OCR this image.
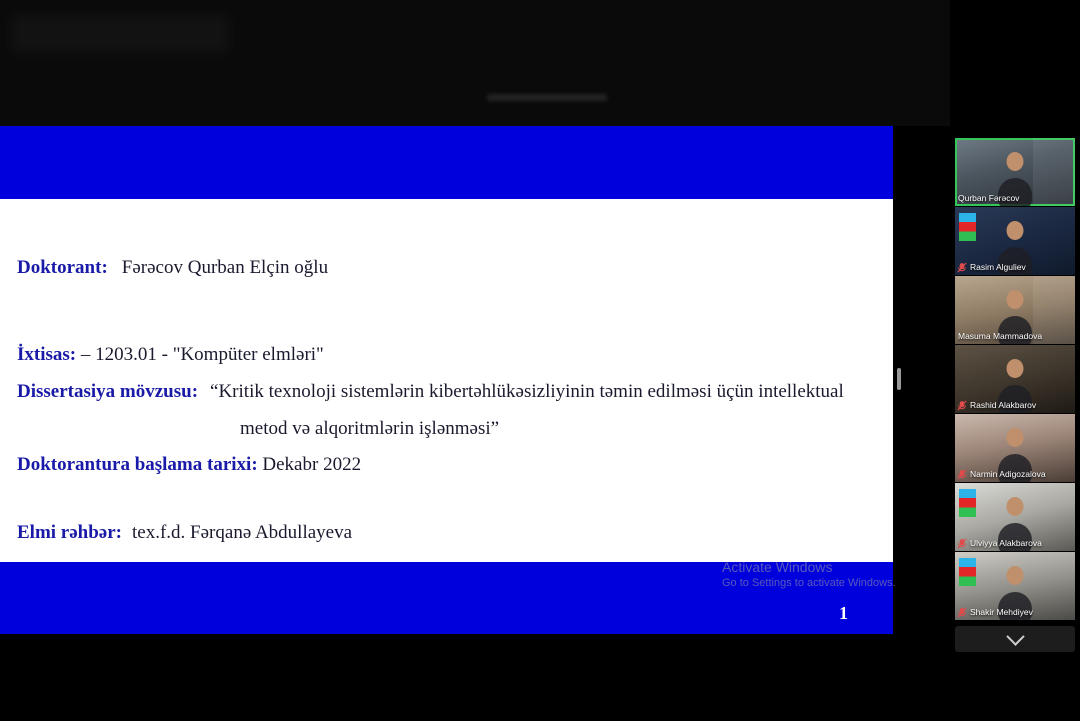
Doktorant: Fərəcov Qurban Elçin oğlu
İxtisas: – 1203.01 - "Kompüter elmləri"
Dissertasiya mövzusu: “Kritik texnoloji sistemlərin kibertəhlükəsizliyinin təmin edilməsi üçün intellektual
metod və alqoritmlərin işlənməsi”
Doktorantura başlama tarixi: Dekabr 2022
Elmi rəhbər: tex.f.d. Fərqanə Abdullayeva
1
Activate Windows
Go to Settings to activate Windows.
Qurban Fərəcov
Rasim Alguliev
Masuma Mammadova
Rashid Alakbarov
Narmin Adigozalova
Ulviyya Alakbarova
Shakir Mehdiyev
